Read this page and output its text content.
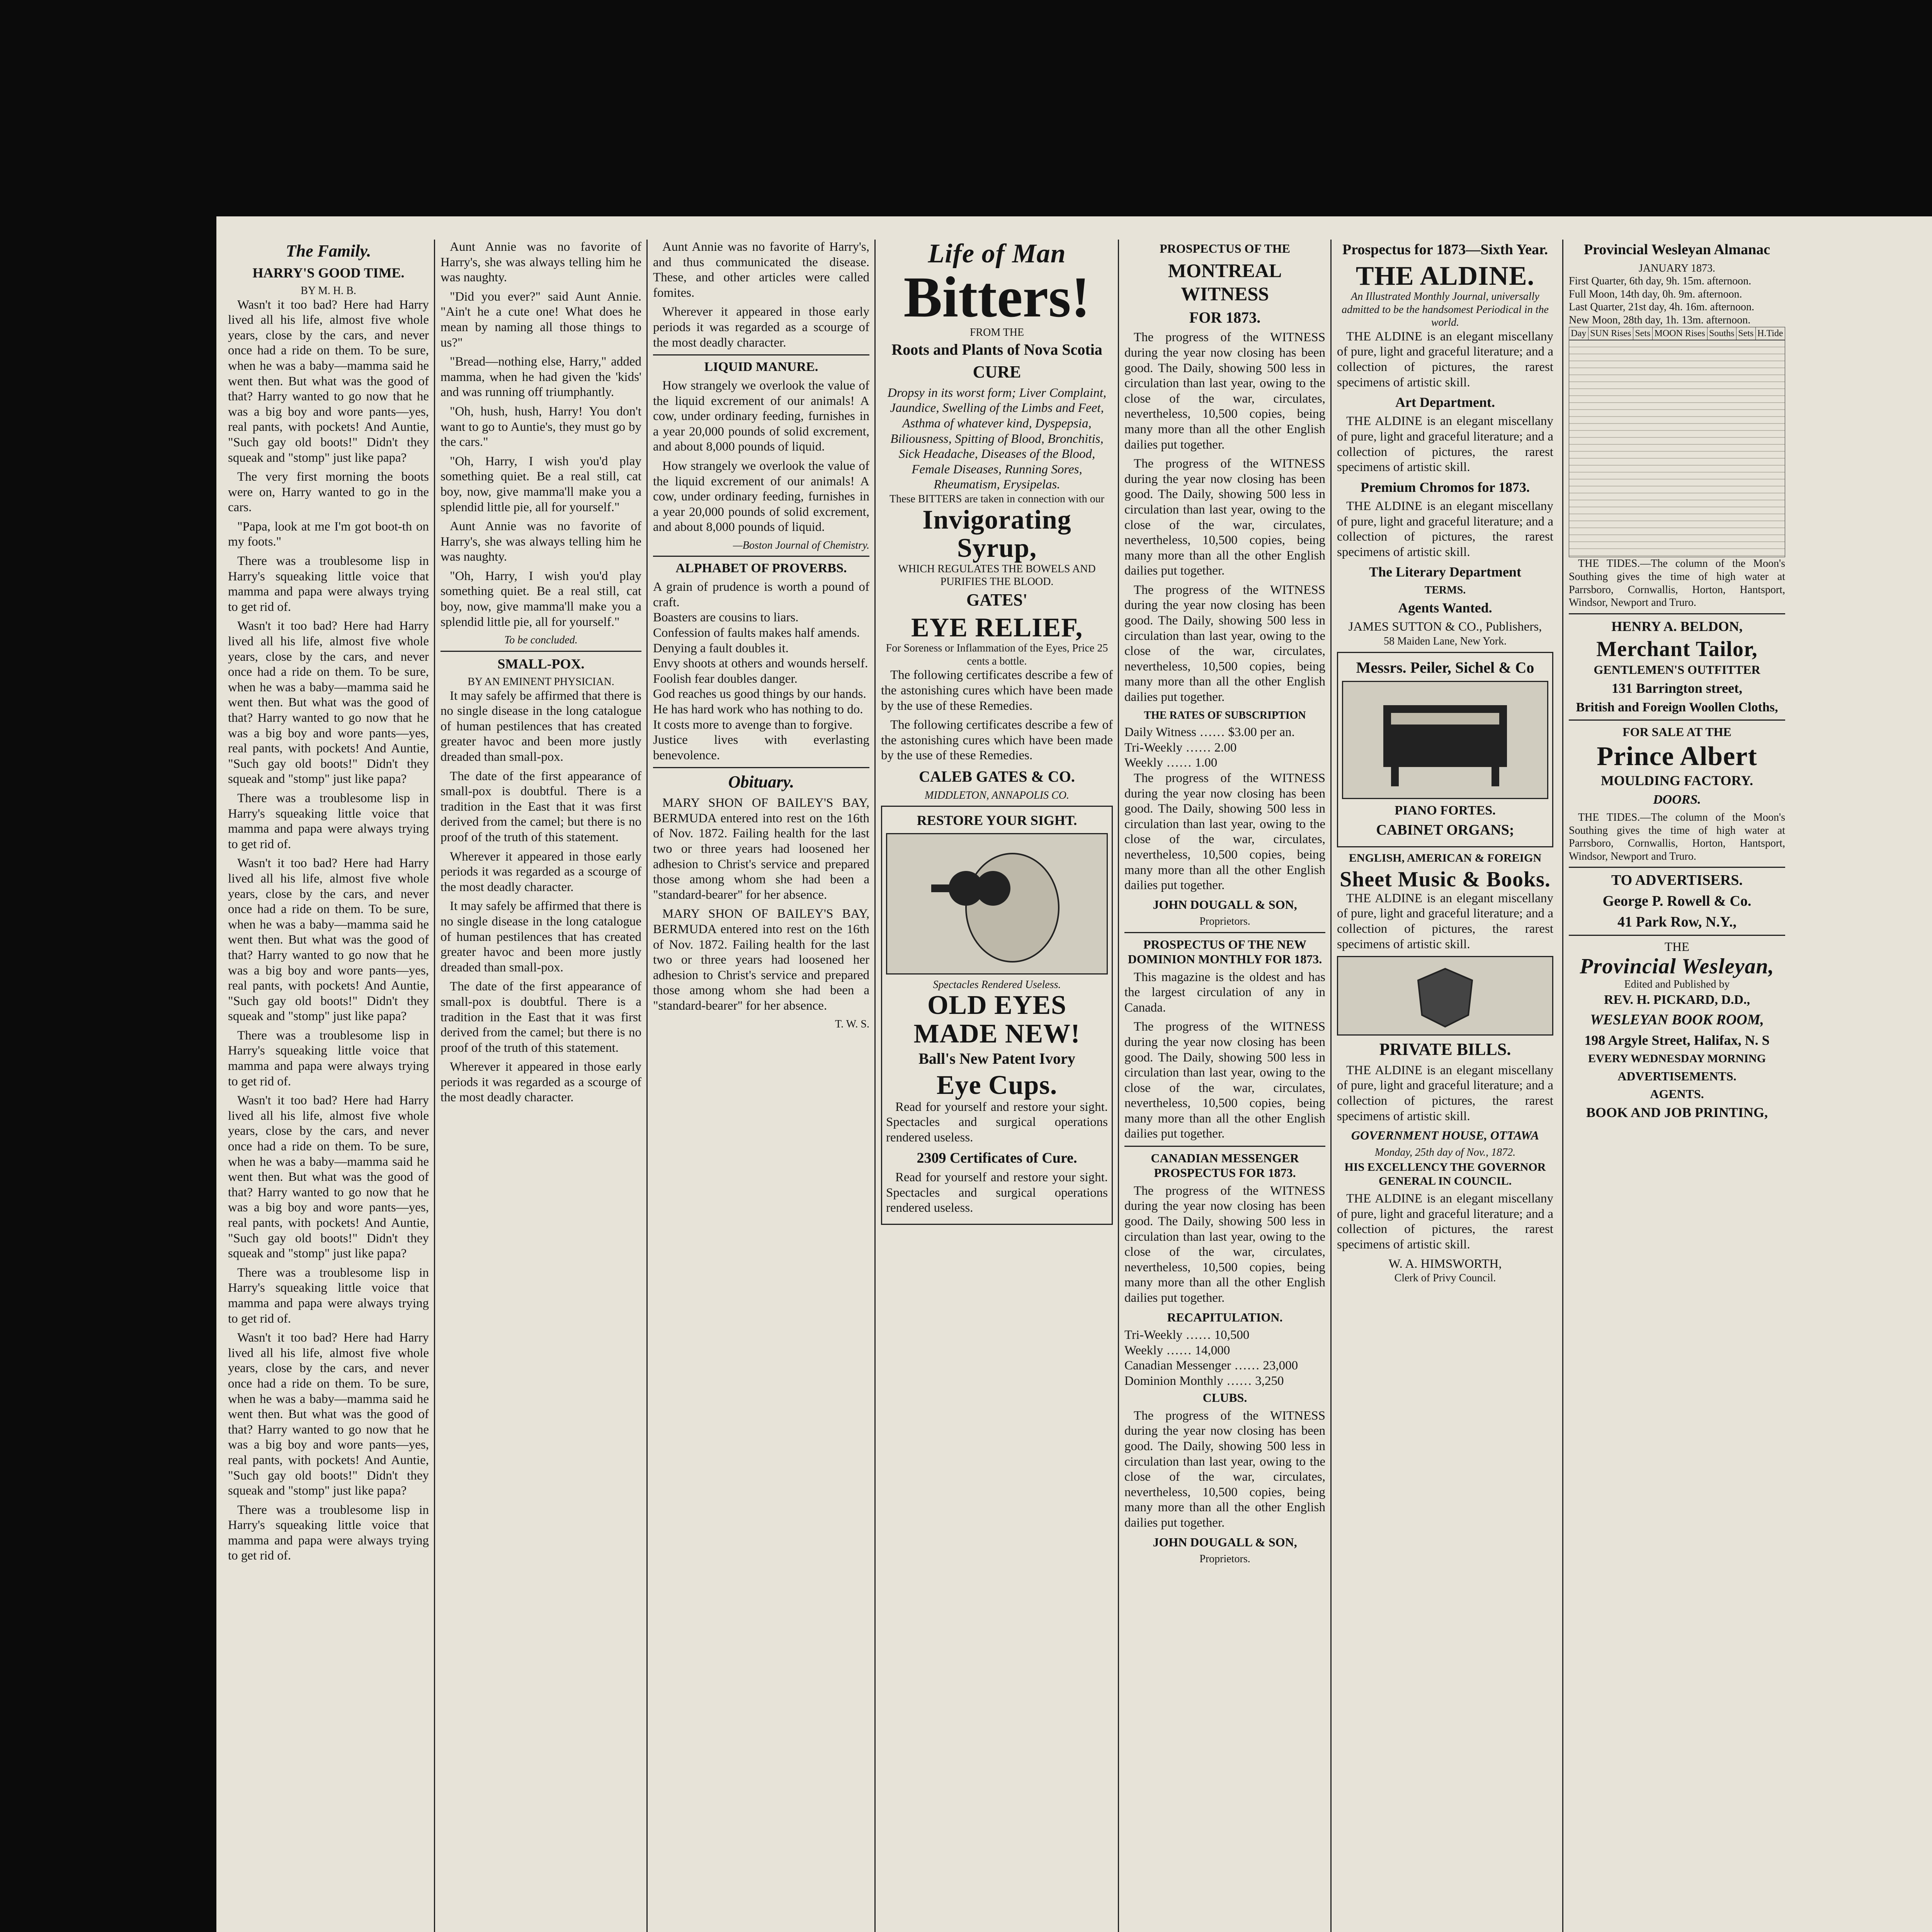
The Family.
HARRY'S GOOD TIME.
BY M. H. B.

Wasn't it too bad? Here had Harry lived all his life, almost five whole years, close by the cars, and never once had a ride on them. To be sure, when he was a baby—mamma said he went then. But what was the good of that? Harry wanted to go now that he was a big boy and wore pants—yes, real pants, with pockets! And Auntie, "Such gay old boots!" Didn't they squeak and "stomp" just like papa?

The very first morning the boots were on, Harry wanted to go in the cars.

"Papa, look at me I'm got boot-th on my foots."

There was a troublesome lisp in Harry's squeaking little voice that mamma and papa were always trying to get rid of.

Wasn't it too bad? Here had Harry lived all his life, almost five whole years, close by the cars, and never once had a ride on them. To be sure, when he was a baby—mamma said he went then. But what was the good of that? Harry wanted to go now that he was a big boy and wore pants—yes, real pants, with pockets! And Auntie, "Such gay old boots!" Didn't they squeak and "stomp" just like papa?

There was a troublesome lisp in Harry's squeaking little voice that mamma and papa were always trying to get rid of.

Wasn't it too bad? Here had Harry lived all his life, almost five whole years, close by the cars, and never once had a ride on them. To be sure, when he was a baby—mamma said he went then. But what was the good of that? Harry wanted to go now that he was a big boy and wore pants—yes, real pants, with pockets! And Auntie, "Such gay old boots!" Didn't they squeak and "stomp" just like papa?

There was a troublesome lisp in Harry's squeaking little voice that mamma and papa were always trying to get rid of.

Wasn't it too bad? Here had Harry lived all his life, almost five whole years, close by the cars, and never once had a ride on them. To be sure, when he was a baby—mamma said he went then. But what was the good of that? Harry wanted to go now that he was a big boy and wore pants—yes, real pants, with pockets! And Auntie, "Such gay old boots!" Didn't they squeak and "stomp" just like papa?

There was a troublesome lisp in Harry's squeaking little voice that mamma and papa were always trying to get rid of.

Wasn't it too bad? Here had Harry lived all his life, almost five whole years, close by the cars, and never once had a ride on them. To be sure, when he was a baby—mamma said he went then. But what was the good of that? Harry wanted to go now that he was a big boy and wore pants—yes, real pants, with pockets! And Auntie, "Such gay old boots!" Didn't they squeak and "stomp" just like papa?

There was a troublesome lisp in Harry's squeaking little voice that mamma and papa were always trying to get rid of.

Aunt Annie was no favorite of Harry's, she was always telling him he was naughty.

"Did you ever?" said Aunt Annie. "Ain't he a cute one! What does he mean by naming all those things to us?"

"Bread—nothing else, Harry," added mamma, when he had given the 'kids' and was running off triumphantly.

"Oh, hush, hush, Harry! You don't want to go to Auntie's, they must go by the cars."

"Oh, Harry, I wish you'd play something quiet. Be a real still, cat boy, now, give mamma'll make you a splendid little pie, all for yourself."

Aunt Annie was no favorite of Harry's, she was always telling him he was naughty.

"Oh, Harry, I wish you'd play something quiet. Be a real still, cat boy, now, give mamma'll make you a splendid little pie, all for yourself."

To be concluded.
SMALL-POX.
BY AN EMINENT PHYSICIAN.

It may safely be affirmed that there is no single disease in the long catalogue of human pestilences that has created greater havoc and been more justly dreaded than small-pox.

The date of the first appearance of small-pox is doubtful. There is a tradition in the East that it was first derived from the camel; but there is no proof of the truth of this statement.

Wherever it appeared in those early periods it was regarded as a scourge of the most deadly character.

It may safely be affirmed that there is no single disease in the long catalogue of human pestilences that has created greater havoc and been more justly dreaded than small-pox.

The date of the first appearance of small-pox is doubtful. There is a tradition in the East that it was first derived from the camel; but there is no proof of the truth of this statement.

Wherever it appeared in those early periods it was regarded as a scourge of the most deadly character.

Aunt Annie was no favorite of Harry's, and thus communicated the disease. These, and other articles were called fomites.

Wherever it appeared in those early periods it was regarded as a scourge of the most deadly character.

LIQUID MANURE.

How strangely we overlook the value of the liquid excrement of our animals! A cow, under ordinary feeding, furnishes in a year 20,000 pounds of solid excrement, and about 8,000 pounds of liquid.

How strangely we overlook the value of the liquid excrement of our animals! A cow, under ordinary feeding, furnishes in a year 20,000 pounds of solid excrement, and about 8,000 pounds of liquid.

—Boston Journal of Chemistry.
ALPHABET OF PROVERBS.
A grain of prudence is worth a pound of craft.
Boasters are cousins to liars.
Confession of faults makes half amends.
Denying a fault doubles it.
Envy shoots at others and wounds herself.
Foolish fear doubles danger.
God reaches us good things by our hands.
He has hard work who has nothing to do.
It costs more to avenge than to forgive.
Justice lives with everlasting benevolence.
Obituary.

MARY SHON OF BAILEY'S BAY, BERMUDA entered into rest on the 16th of Nov. 1872. Failing health for the last two or three years had loosened her adhesion to Christ's service and prepared those among whom she had been a "standard-bearer" for her absence.

MARY SHON OF BAILEY'S BAY, BERMUDA entered into rest on the 16th of Nov. 1872. Failing health for the last two or three years had loosened her adhesion to Christ's service and prepared those among whom she had been a "standard-bearer" for her absence.

T. W. S.
Life of Man
Bitters!
FROM THE
Roots and Plants of Nova Scotia
CURE
Dropsy in its worst form; Liver Complaint, Jaundice, Swelling of the Limbs and Feet, Asthma of whatever kind, Dyspepsia, Biliousness, Spitting of Blood, Bronchitis, Sick Headache, Diseases of the Blood, Female Diseases, Running Sores, Rheumatism, Erysipelas.
These BITTERS are taken in connection with our
Invigorating Syrup,
WHICH REGULATES THE BOWELS AND PURIFIES THE BLOOD.
GATES'
EYE RELIEF,
For Soreness or Inflammation of the Eyes, Price 25 cents a bottle.

The following certificates describe a few of the astonishing cures which have been made by the use of these Remedies.

The following certificates describe a few of the astonishing cures which have been made by the use of these Remedies.

CALEB GATES & CO.
MIDDLETON, ANNAPOLIS CO.
RESTORE YOUR SIGHT.
Spectacles Rendered Useless.
OLD EYES MADE NEW!
Ball's New Patent Ivory
Eye Cups.

Read for yourself and restore your sight. Spectacles and surgical operations rendered useless.

2309 Certificates of Cure.

Read for yourself and restore your sight. Spectacles and surgical operations rendered useless.

PROSPECTUS OF THE
MONTREAL WITNESS
FOR 1873.

The progress of the WITNESS during the year now closing has been good. The Daily, showing 500 less in circulation than last year, owing to the close of the war, circulates, nevertheless, 10,500 copies, being many more than all the other English dailies put together.

The progress of the WITNESS during the year now closing has been good. The Daily, showing 500 less in circulation than last year, owing to the close of the war, circulates, nevertheless, 10,500 copies, being many more than all the other English dailies put together.

The progress of the WITNESS during the year now closing has been good. The Daily, showing 500 less in circulation than last year, owing to the close of the war, circulates, nevertheless, 10,500 copies, being many more than all the other English dailies put together.

THE RATES OF SUBSCRIPTION
Daily Witness …… $3.00 per an.
Tri-Weekly …… 2.00
Weekly …… 1.00

The progress of the WITNESS during the year now closing has been good. The Daily, showing 500 less in circulation than last year, owing to the close of the war, circulates, nevertheless, 10,500 copies, being many more than all the other English dailies put together.

JOHN DOUGALL & SON,
Proprietors.
PROSPECTUS OF THE NEW DOMINION MONTHLY FOR 1873.

This magazine is the oldest and has the largest circulation of any in Canada.

The progress of the WITNESS during the year now closing has been good. The Daily, showing 500 less in circulation than last year, owing to the close of the war, circulates, nevertheless, 10,500 copies, being many more than all the other English dailies put together.

CANADIAN MESSENGER PROSPECTUS FOR 1873.

The progress of the WITNESS during the year now closing has been good. The Daily, showing 500 less in circulation than last year, owing to the close of the war, circulates, nevertheless, 10,500 copies, being many more than all the other English dailies put together.

RECAPITULATION.
Tri-Weekly …… 10,500
Weekly …… 14,000
Canadian Messenger …… 23,000
Dominion Monthly …… 3,250
CLUBS.

The progress of the WITNESS during the year now closing has been good. The Daily, showing 500 less in circulation than last year, owing to the close of the war, circulates, nevertheless, 10,500 copies, being many more than all the other English dailies put together.

JOHN DOUGALL & SON,
Proprietors.
Prospectus for 1873—Sixth Year.
THE ALDINE.
An Illustrated Monthly Journal, universally admitted to be the handsomest Periodical in the world.

THE ALDINE is an elegant miscellany of pure, light and graceful literature; and a collection of pictures, the rarest specimens of artistic skill.

Art Department.

THE ALDINE is an elegant miscellany of pure, light and graceful literature; and a collection of pictures, the rarest specimens of artistic skill.

Premium Chromos for 1873.

THE ALDINE is an elegant miscellany of pure, light and graceful literature; and a collection of pictures, the rarest specimens of artistic skill.

The Literary Department
TERMS.
Agents Wanted.
JAMES SUTTON & CO., Publishers,
58 Maiden Lane, New York.
Messrs. Peiler, Sichel & Co
PIANO FORTES.
CABINET ORGANS;
ENGLISH, AMERICAN & FOREIGN
Sheet Music & Books.

THE ALDINE is an elegant miscellany of pure, light and graceful literature; and a collection of pictures, the rarest specimens of artistic skill.

PRIVATE BILLS.

THE ALDINE is an elegant miscellany of pure, light and graceful literature; and a collection of pictures, the rarest specimens of artistic skill.

GOVERNMENT HOUSE, OTTAWA
Monday, 25th day of Nov., 1872.
HIS EXCELLENCY THE GOVERNOR GENERAL IN COUNCIL.

THE ALDINE is an elegant miscellany of pure, light and graceful literature; and a collection of pictures, the rarest specimens of artistic skill.

W. A. HIMSWORTH,
Clerk of Privy Council.
Provincial Wesleyan Almanac
JANUARY 1873.
First Quarter, 6th day, 9h. 15m. afternoon.
Full Moon, 14th day, 0h. 9m. afternoon.
Last Quarter, 21st day, 4h. 16m. afternoon.
New Moon, 28th day, 1h. 13m. afternoon.
Day	SUN Rises	Sets	MOON Rises	Souths	Sets	H.Tide

THE TIDES.—The column of the Moon's Southing gives the time of high water at Parrsboro, Cornwallis, Horton, Hantsport, Windsor, Newport and Truro.

HENRY A. BELDON,
Merchant Tailor,
GENTLEMEN'S OUTFITTER
131 Barrington street,
British and Foreign Woollen Cloths,
FOR SALE AT THE
Prince Albert
MOULDING FACTORY.
DOORS.

THE TIDES.—The column of the Moon's Southing gives the time of high water at Parrsboro, Cornwallis, Horton, Hantsport, Windsor, Newport and Truro.

TO ADVERTISERS.
George P. Rowell & Co.
41 Park Row, N.Y.,
THE
Provincial Wesleyan,
Edited and Published by
REV. H. PICKARD, D.D.,
WESLEYAN BOOK ROOM,
198 Argyle Street, Halifax, N. S
EVERY WEDNESDAY MORNING
ADVERTISEMENTS.
AGENTS.
BOOK AND JOB PRINTING,
